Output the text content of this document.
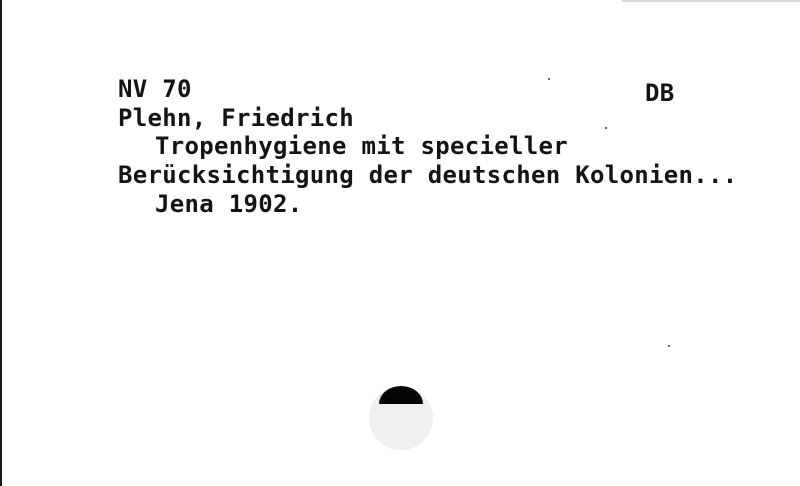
NV 70	DB
Plehn, Friedrich
Tropenhygiene mit specieller
Berücksichtigung der deutschen Kolonien...
Jena 1902.
